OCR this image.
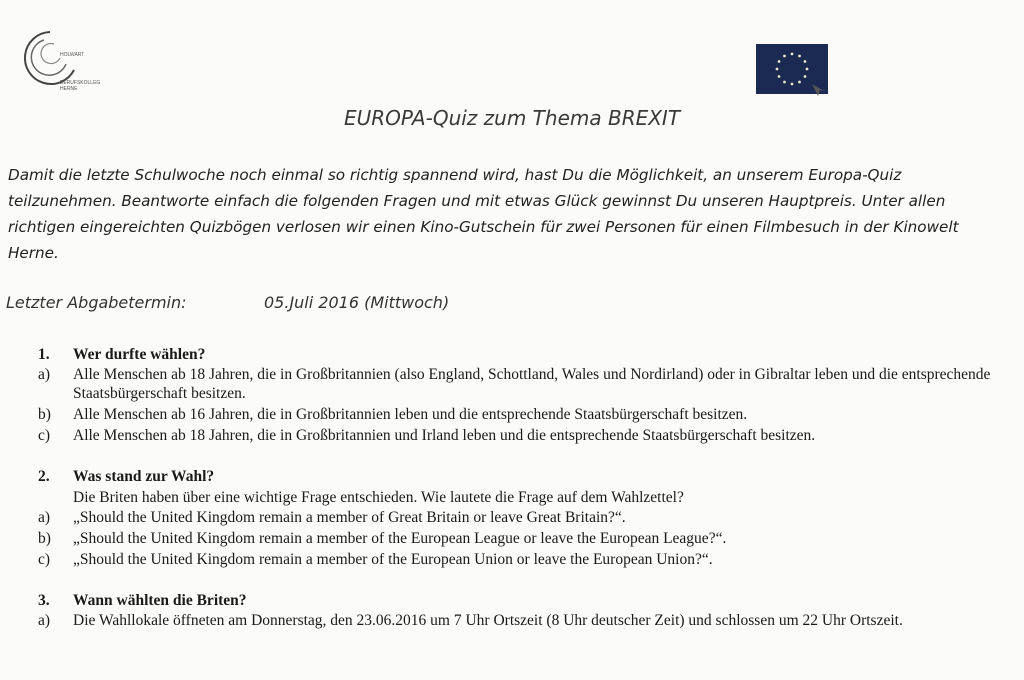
HOLWART
BERUFSKOLLEG
HERNE
EUROPA-Quiz zum Thema BREXIT

Damit die letzte Schulwoche noch einmal so richtig spannend wird, hast Du die Möglichkeit, an unserem Europa-Quiz teilzunehmen. Beantworte einfach die folgenden Fragen und mit etwas Glück gewinnst Du unseren Hauptpreis. Unter allen richtigen eingereichten Quizbögen verlosen wir einen Kino-Gutschein für zwei Personen für einen Filmbesuch in der Kinowelt Herne.

Letzter Abgabetermin:	05.Juli 2016 (Mittwoch)
1. Wer durfte wählen?
a) Alle Menschen ab 18 Jahren, die in Großbritannien (also England, Schottland, Wales und Nordirland) oder in Gibraltar leben und die entsprechende Staatsbürgerschaft besitzen.
b) Alle Menschen ab 16 Jahren, die in Großbritannien leben und die entsprechende Staatsbürgerschaft besitzen.
c) Alle Menschen ab 18 Jahren, die in Großbritannien und Irland leben und die entsprechende Staatsbürgerschaft besitzen.
2. Was stand zur Wahl?
Die Briten haben über eine wichtige Frage entschieden. Wie lautete die Frage auf dem Wahlzettel?
a) „Should the United Kingdom remain a member of Great Britain or leave Great Britain?“.
b) „Should the United Kingdom remain a member of the European League or leave the European League?“.
c) „Should the United Kingdom remain a member of the European Union or leave the European Union?“.
3. Wann wählten die Briten?
a) Die Wahllokale öffneten am Donnerstag, den 23.06.2016 um 7 Uhr Ortszeit (8 Uhr deutscher Zeit) und schlossen um 22 Uhr Ortszeit.
